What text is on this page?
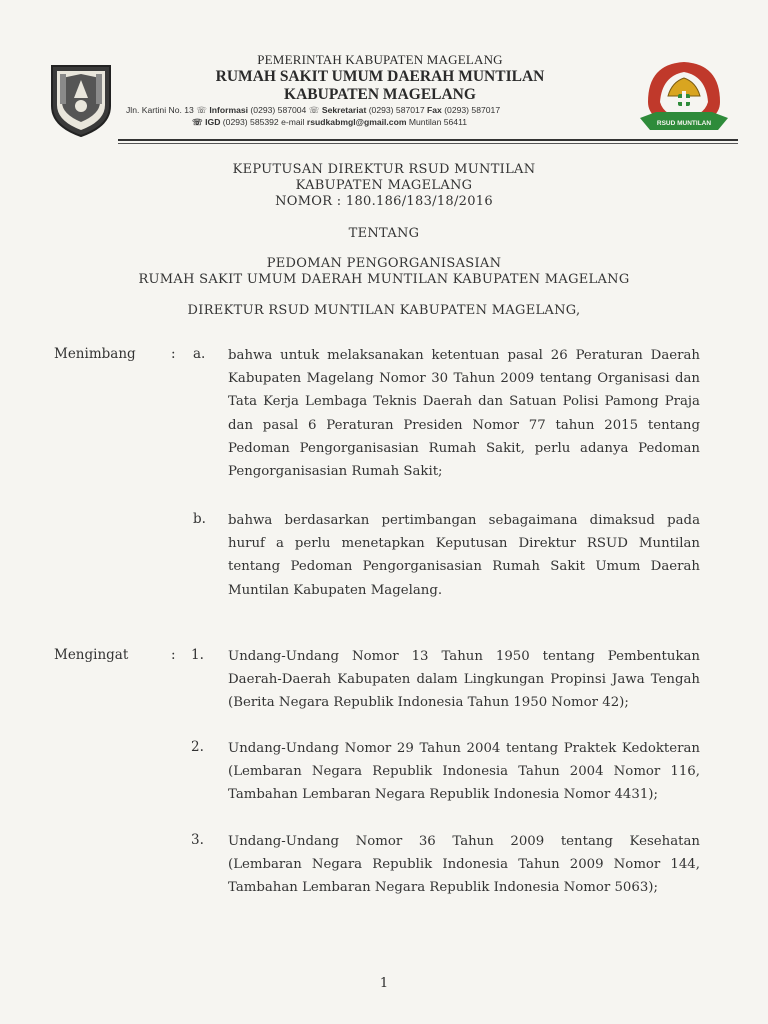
PEMERINTAH KABUPATEN MAGELANG
RUMAH SAKIT UMUM DAERAH MUNTILAN
KABUPATEN MAGELANG
Jln. Kartini No. 13 ☏ Informasi (0293) 587004 ☏ Sekretariat (0293) 587017 Fax (0293) 587017
☏ IGD (0293) 585392 e-mail rsudkabmgl@gmail.com Muntilan 56411	RSUD MUNTILAN
KEPUTUSAN DIREKTUR RSUD MUNTILAN
KABUPATEN MAGELANG
NOMOR : 180.186/183/18/2016
TENTANG
PEDOMAN PENGORGANISASIAN
RUMAH SAKIT UMUM DAERAH MUNTILAN KABUPATEN MAGELANG
DIREKTUR RSUD MUNTILAN KABUPATEN MAGELANG,
Menimbang	: a. bahwa untuk melaksanakan ketentuan pasal 26 Peraturan Daerah Kabupaten Magelang Nomor 30 Tahun 2009 tentang Organisasi dan Tata Kerja Lembaga Teknis Daerah dan Satuan Polisi Pamong Praja dan pasal 6 Peraturan Presiden Nomor 77 tahun 2015 tentang Pedoman Pengorganisasian Rumah Sakit, perlu adanya Pedoman Pengorganisasian Rumah Sakit;
b. bahwa berdasarkan pertimbangan sebagaimana dimaksud pada huruf a perlu menetapkan Keputusan Direktur RSUD Muntilan tentang Pedoman Pengorganisasian Rumah Sakit Umum Daerah Muntilan Kabupaten Magelang.
Mengingat	: 1. Undang-Undang Nomor 13 Tahun 1950 tentang Pembentukan Daerah-Daerah Kabupaten dalam Lingkungan Propinsi Jawa Tengah (Berita Negara Republik Indonesia Tahun 1950 Nomor 42);
2. Undang-Undang Nomor 29 Tahun 2004 tentang Praktek Kedokteran (Lembaran Negara Republik Indonesia Tahun 2004 Nomor 116, Tambahan Lembaran Negara Republik Indonesia Nomor 4431);
3. Undang-Undang Nomor 36 Tahun 2009 tentang Kesehatan (Lembaran Negara Republik Indonesia Tahun 2009 Nomor 144, Tambahan Lembaran Negara Republik Indonesia Nomor 5063);
1
